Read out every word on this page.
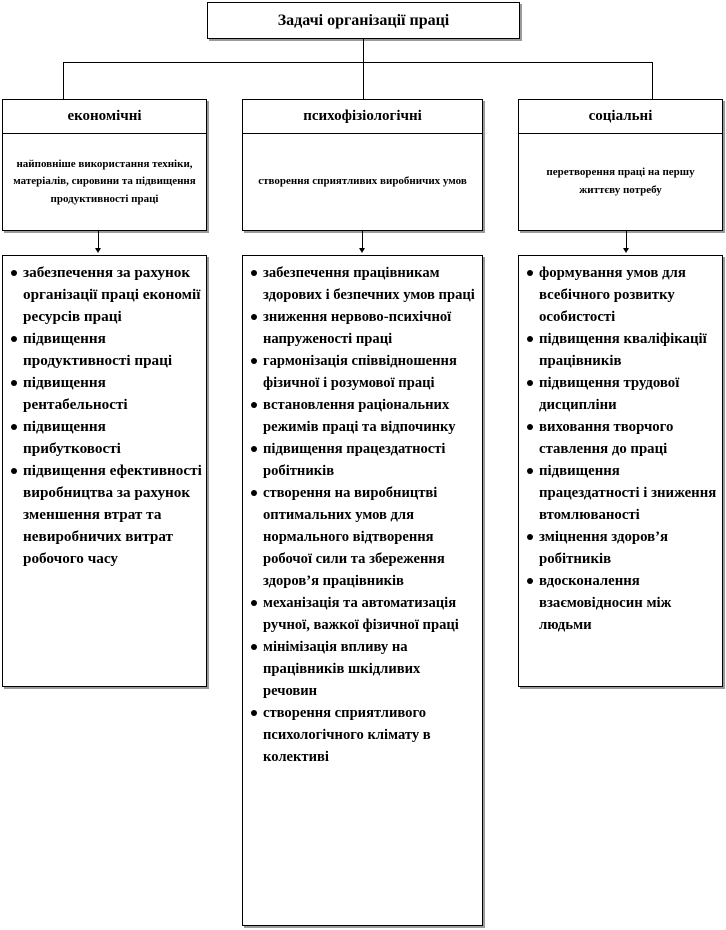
Задачі організації праці
економічні
найповніше використання техніки, матеріалів, сировини та підвищення продуктивності праці
психофізіологічні
створення сприятливих виробничих умов
соціальні
перетворення праці на першу життєву потребу
забезпечення за рахунок організації праці економії ресурсів праці
підвищення продуктивності праці
підвищення рентабельності
підвищення прибутковості
підвищення ефективності виробництва за рахунок зменшення втрат та невиробничих витрат робочого часу
забезпечення працівникам здорових і безпечних умов праці
зниження нервово-психічної напруженості праці
гармонізація співвідношення фізичної і розумової праці
встановлення раціональних режимів праці та відпочинку
підвищення працездатності робітників
створення на виробництві оптимальних умов для нормального відтворення робочої сили та збереження здоров’я працівників
механізація та автоматизація ручної, важкої фізичної праці
мінімізація впливу на працівників шкідливих речовин
створення сприятливого психологічного клімату в колективі
формування умов для всебічного розвитку особистості
підвищення кваліфікації працівників
підвищення трудової дисципліни
виховання творчого ставлення до праці
підвищення працездатності і зниження втомлюваності
зміцнення здоров’я робітників
вдосконалення взаємовідносин між людьми
